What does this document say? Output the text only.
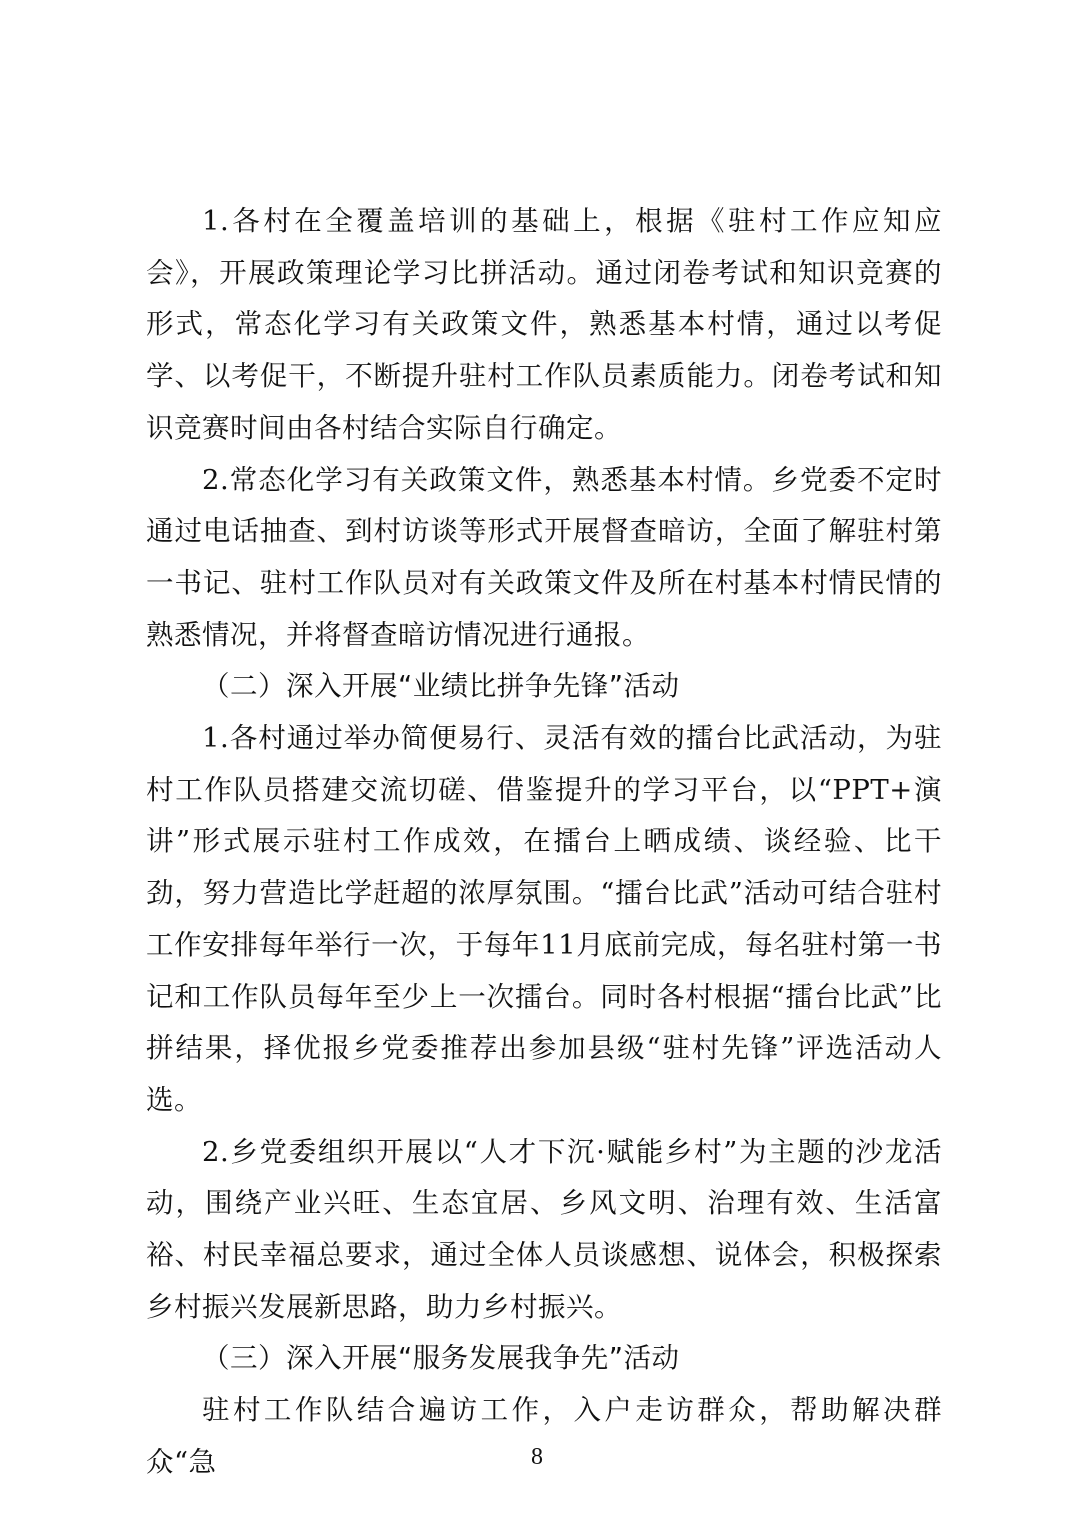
1.各村在全覆盖培训的基础上，根据《驻村工作应知应会》，开展政策理论学习比拼活动。通过闭卷考试和知识竞赛的形式，常态化学习有关政策文件，熟悉基本村情，通过以考促学、以考促干，不断提升驻村工作队员素质能力。闭卷考试和知识竞赛时间由各村结合实际自行确定。

2.常态化学习有关政策文件，熟悉基本村情。乡党委不定时通过电话抽查、到村访谈等形式开展督查暗访，全面了解驻村第一书记、驻村工作队员对有关政策文件及所在村基本村情民情的熟悉情况，并将督查暗访情况进行通报。

（二）深入开展“业绩比拼争先锋”活动

1.各村通过举办简便易行、灵活有效的擂台比武活动，为驻村工作队员搭建交流切磋、借鉴提升的学习平台，以“PPT+演讲”形式展示驻村工作成效，在擂台上晒成绩、谈经验、比干劲，努力营造比学赶超的浓厚氛围。“擂台比武”活动可结合驻村工作安排每年举行一次，于每年11月底前完成，每名驻村第一书记和工作队员每年至少上一次擂台。同时各村根据“擂台比武”比拼结果，择优报乡党委推荐出参加县级“驻村先锋”评选活动人选。

2.乡党委组织开展以“人才下沉·赋能乡村”为主题的沙龙活动，围绕产业兴旺、生态宜居、乡风文明、治理有效、生活富裕、村民幸福总要求，通过全体人员谈感想、说体会，积极探索乡村振兴发展新思路，助力乡村振兴。

（三）深入开展“服务发展我争先”活动

驻村工作队结合遍访工作，入户走访群众，帮助解决群众“急	8
